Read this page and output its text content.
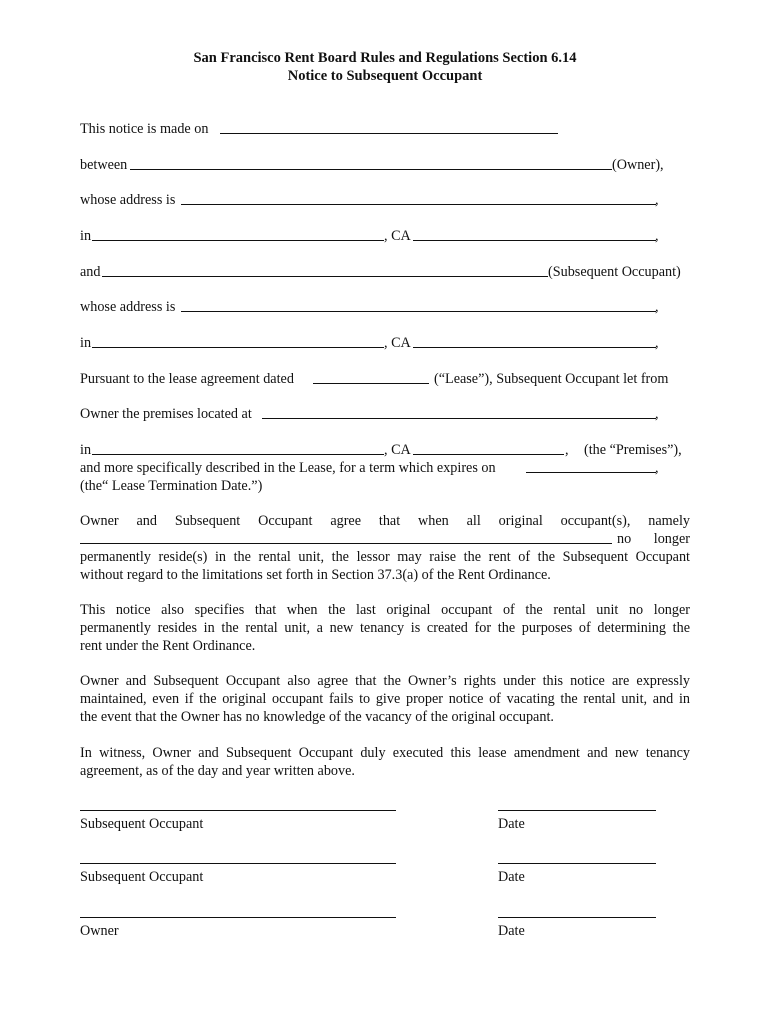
San Francisco Rent Board Rules and Regulations Section 6.14
Notice to Subsequent Occupant
This notice is made on
between	(Owner),
whose address is	,
in	, CA	,
and	(Subsequent Occupant)
whose address is	,
in	, CA	,
Pursuant to the lease agreement dated	(“Lease”), Subsequent Occupant let from
Owner the premises located at	,
in	, CA	, (the “Premises”),
and more specifically described in the Lease, for a term which expires on	,
(the“ Lease Termination Date.”)
Owner and Subsequent Occupant agree that when all original occupant(s), namely
no longer
permanently reside(s) in the rental unit, the lessor may raise the rent of the Subsequent Occupant
without regard to the limitations set forth in Section 37.3(a) of the Rent Ordinance.
This notice also specifies that when the last original occupant of the rental unit no longer
permanently resides in the rental unit, a new tenancy is created for the purposes of determining the
rent under the Rent Ordinance.
Owner and Subsequent Occupant also agree that the Owner’s rights under this notice are expressly
maintained, even if the original occupant fails to give proper notice of vacating the rental unit, and in
the event that the Owner has no knowledge of the vacancy of the original occupant.
In witness, Owner and Subsequent Occupant duly executed this lease amendment and new tenancy
agreement, as of the day and year written above.
Subsequent Occupant	Date
Subsequent Occupant	Date
Owner	Date
